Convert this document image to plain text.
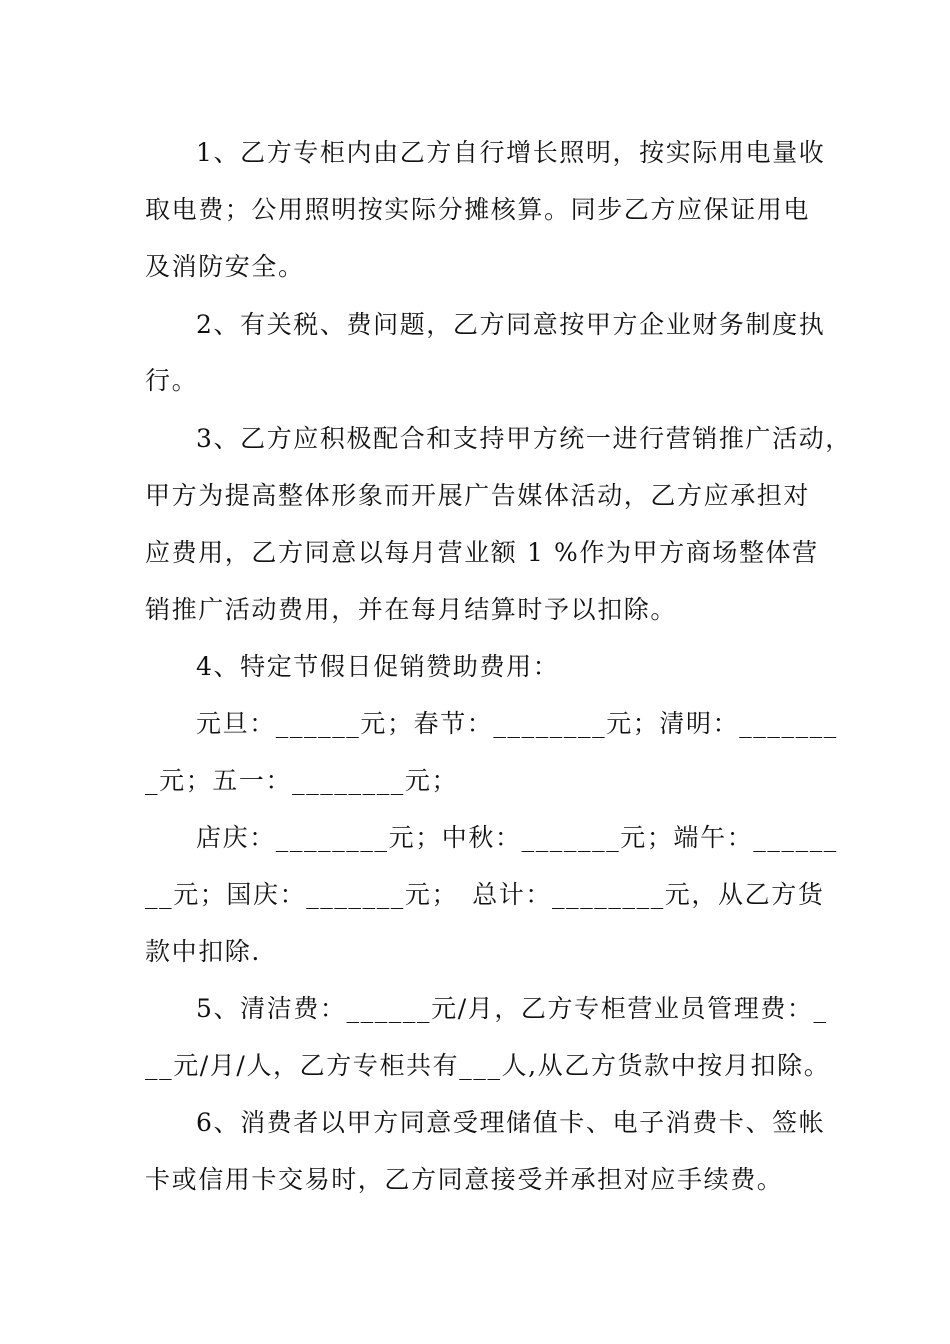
1、乙方专柜内由乙方自行增长照明，按实际用电量收
取电费；公用照明按实际分摊核算。同步乙方应保证用电
及消防安全。
2、有关税、费问题，乙方同意按甲方企业财务制度执
行。
3、乙方应积极配合和支持甲方统一进行营销推广活动，
甲方为提高整体形象而开展广告媒体活动，乙方应承担对
应费用，乙方同意以每月营业额 1 %作为甲方商场整体营
销推广活动费用，并在每月结算时予以扣除。
4、特定节假日促销赞助费用：
元旦：______元；春节：________元；清明：_______
_元；五一：________元；
店庆：________元；中秋：_______元；端午：______
__元；国庆：_______元；　总计：________元，从乙方货
款中扣除.
5、清洁费：______元/月，乙方专柜营业员管理费：_
__元/月/人，乙方专柜共有___人,从乙方货款中按月扣除。
6、消费者以甲方同意受理储值卡、电子消费卡、签帐
卡或信用卡交易时，乙方同意接受并承担对应手续费。
